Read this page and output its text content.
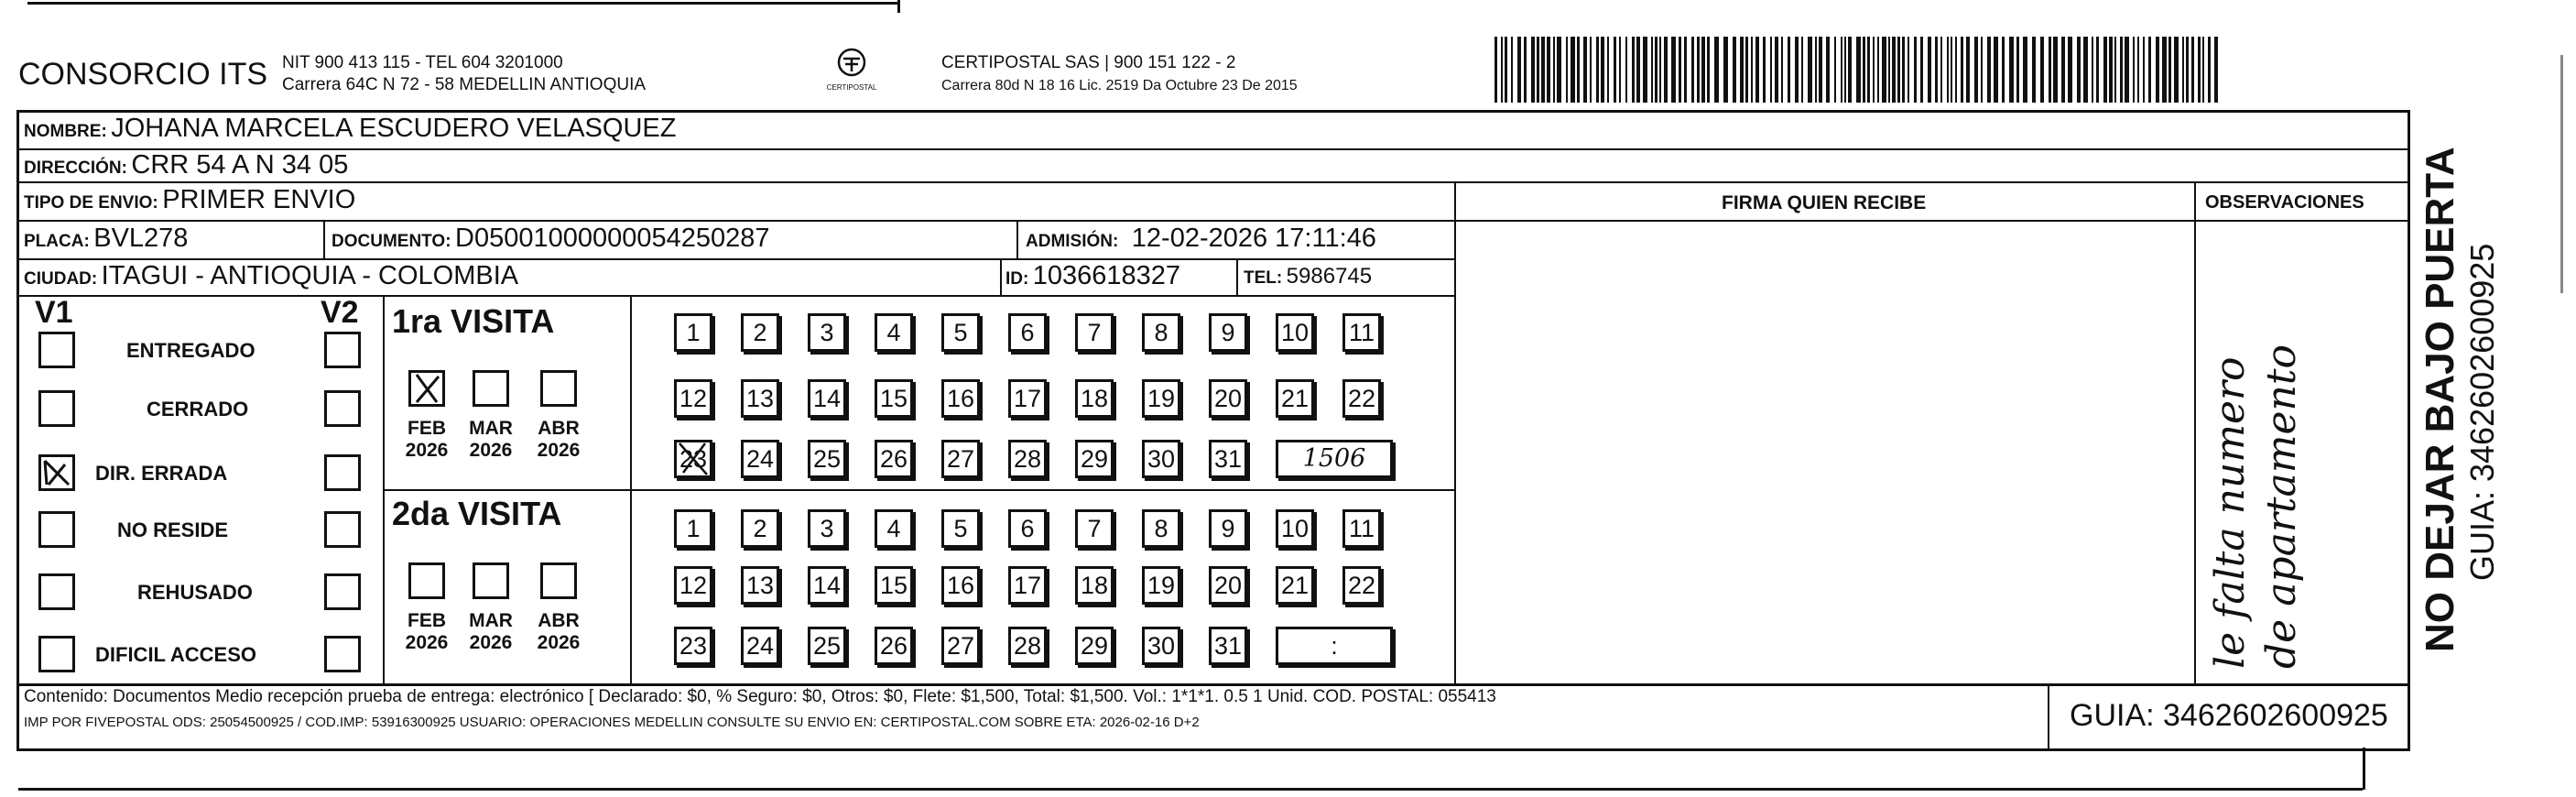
CONSORCIO ITS NIT 900 413 115 - TEL 604 3201000
Carrera 64C N 72 - 58 MEDELLIN ANTIOQUIA	CERTIPOSTAL
CERTIPOSTAL SAS | 900 151 122 - 2
Carrera 80d N 18 16 Lic. 2519 Da Octubre 23 De 2015
NOMBRE: JOHANA MARCELA ESCUDERO VELASQUEZ
DIRECCIÓN: CRR 54 A N 34 05
TIPO DE ENVIO: PRIMER ENVIO
PLACA: BVL278	DOCUMENTO: D05001000000054250287	ADMISIÓN: 12-02-2026 17:11:46
CIUDAD: ITAGUI - ANTIOQUIA - COLOMBIA	ID: 1036618327	TEL: 5986745
FIRMA QUIEN RECIBE	OBSERVACIONES
V1	V2
ENTREGADO
CERRADO
DIR. ERRADA
NO RESIDE
REHUSADO
DIFICIL ACCESO
1ra VISITA
2da VISITA
FEB
2026
MAR
2026
ABR
2026
FEB
2026
MAR
2026
ABR
2026
1	2	3	4	5	6	7	8	9	10 11
12 13 14 15 16 17 18 19 20 21 22
23 24 25 26 27 28 29 30 31	1506
1	2	3	4	5	6	7	8	9	10 11
12 13 14 15 16 17 18 19 20 21 22
23 24 25 26 27 28 29 30 31	:	le falta numero de apartamento	NO DEJAR BAJO PUERTA GUIA: 3462602600925
Contenido: Documentos Medio recepción prueba de entrega: electrónico [ Declarado: $0, % Seguro: $0, Otros: $0, Flete: $1,500, Total: $1,500. Vol.: 1*1*1. 0.5 1 Unid. COD. POSTAL: 055413
IMP POR FIVEPOSTAL ODS: 25054500925 / COD.IMP: 53916300925 USUARIO: OPERACIONES MEDELLIN CONSULTE SU ENVIO EN: CERTIPOSTAL.COM SOBRE ETA: 2026-02-16 D+2	GUIA: 3462602600925
